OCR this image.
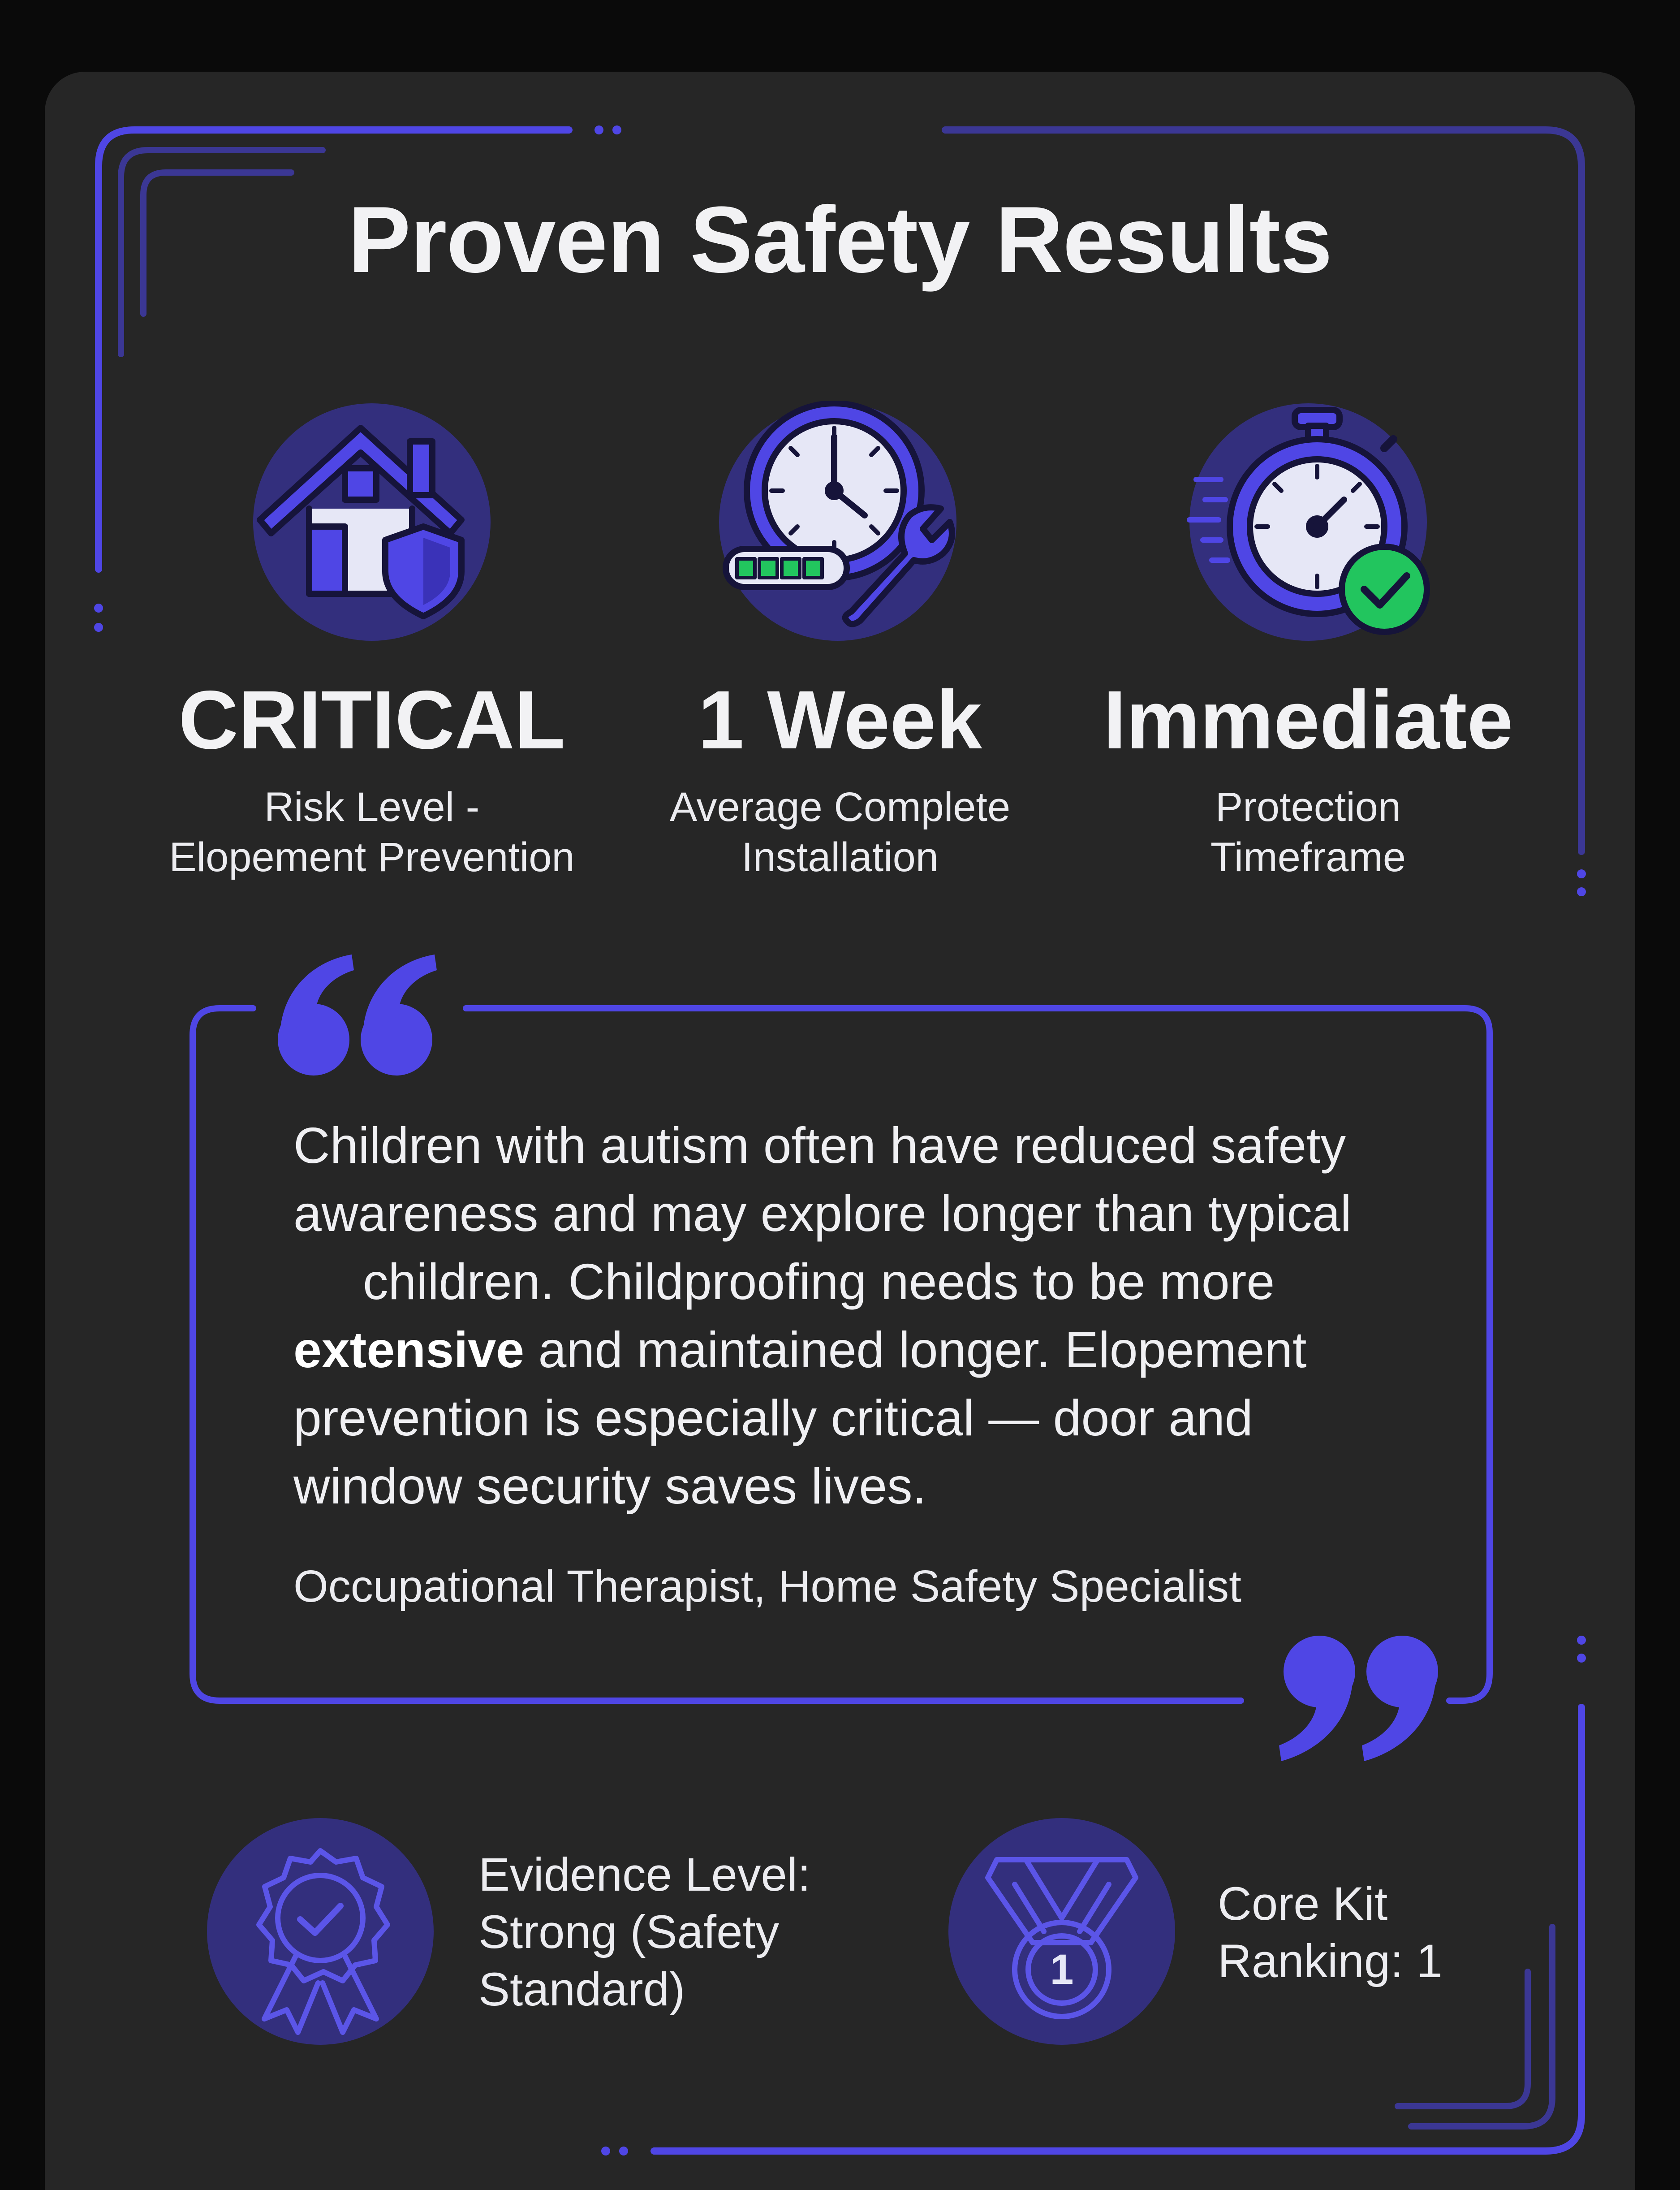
Proven Safety Results
CRITICAL
Risk Level -
Elopement Prevention
1 Week
Average Complete
Installation
Immediate
Protection
Timeframe
Children with autism often have reduced safety
awareness and may explore longer than typical
children. Childproofing needs to be more
extensive and maintained longer. Elopement
prevention is especially critical — door and
window security saves lives.
Occupational Therapist, Home Safety Specialist
Evidence Level:
Strong (Safety
Standard)	1
Core Kit
Ranking: 1
